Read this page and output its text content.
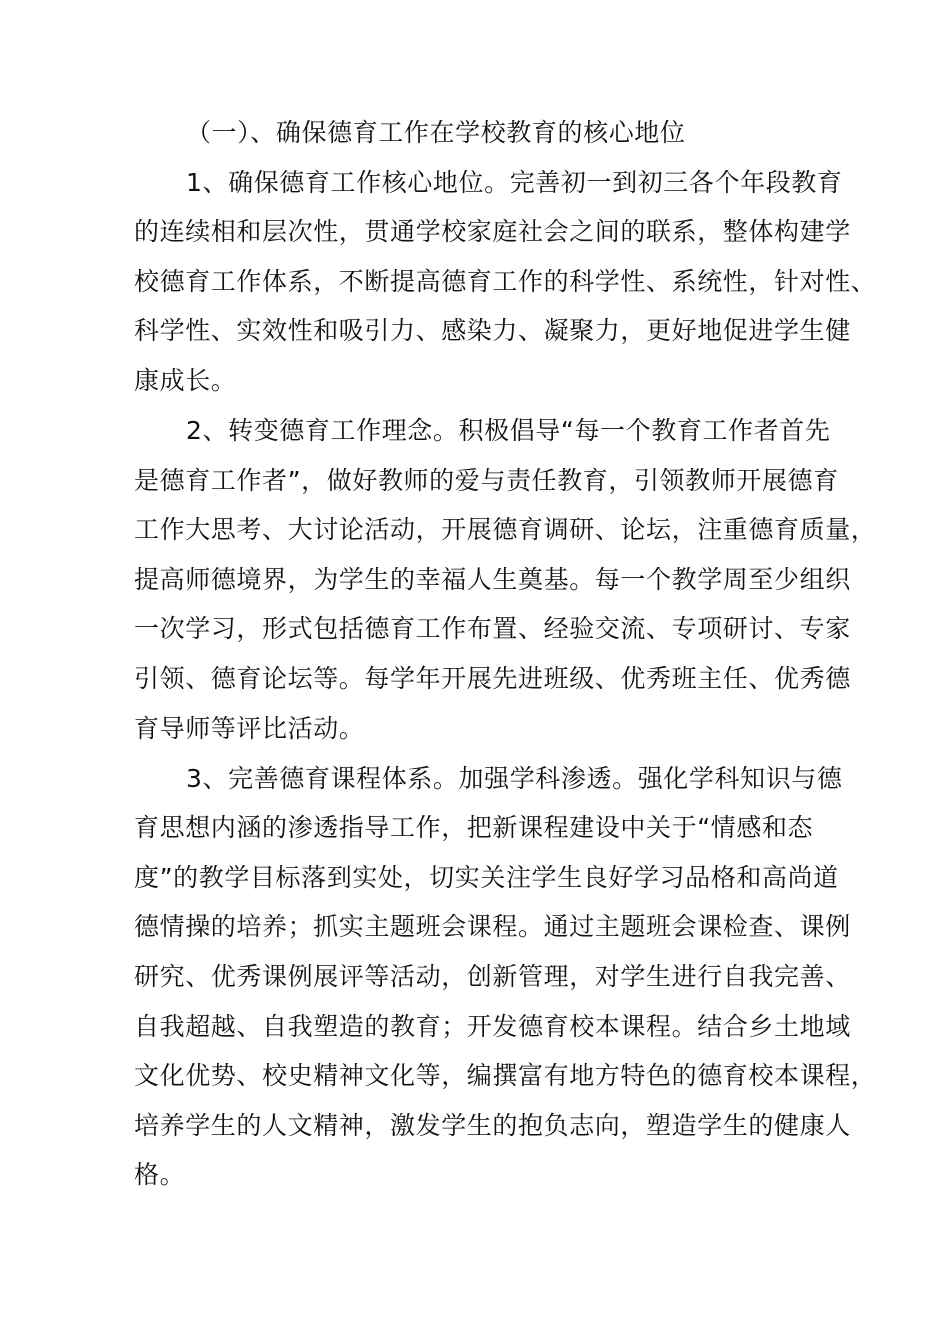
（一）、确保德育工作在学校教育的核心地位
1、确保德育工作核心地位。完善初一到初三各个年段教育
的连续相和层次性，贯通学校家庭社会之间的联系，整体构建学
校德育工作体系，不断提高德育工作的科学性、系统性，针对性、
科学性、实效性和吸引力、感染力、凝聚力，更好地促进学生健
康成长。
2、转变德育工作理念。积极倡导“每一个教育工作者首先
是德育工作者”，做好教师的爱与责任教育，引领教师开展德育
工作大思考、大讨论活动，开展德育调研、论坛，注重德育质量，
提高师德境界，为学生的幸福人生奠基。每一个教学周至少组织
一次学习，形式包括德育工作布置、经验交流、专项研讨、专家
引领、德育论坛等。每学年开展先进班级、优秀班主任、优秀德
育导师等评比活动。
3、完善德育课程体系。加强学科渗透。强化学科知识与德
育思想内涵的渗透指导工作，把新课程建设中关于“情感和态
度”的教学目标落到实处，切实关注学生良好学习品格和高尚道
德情操的培养；抓实主题班会课程。通过主题班会课检查、课例
研究、优秀课例展评等活动，创新管理，对学生进行自我完善、
自我超越、自我塑造的教育；开发德育校本课程。结合乡土地域
文化优势、校史精神文化等，编撰富有地方特色的德育校本课程，
培养学生的人文精神，激发学生的抱负志向，塑造学生的健康人
格。
